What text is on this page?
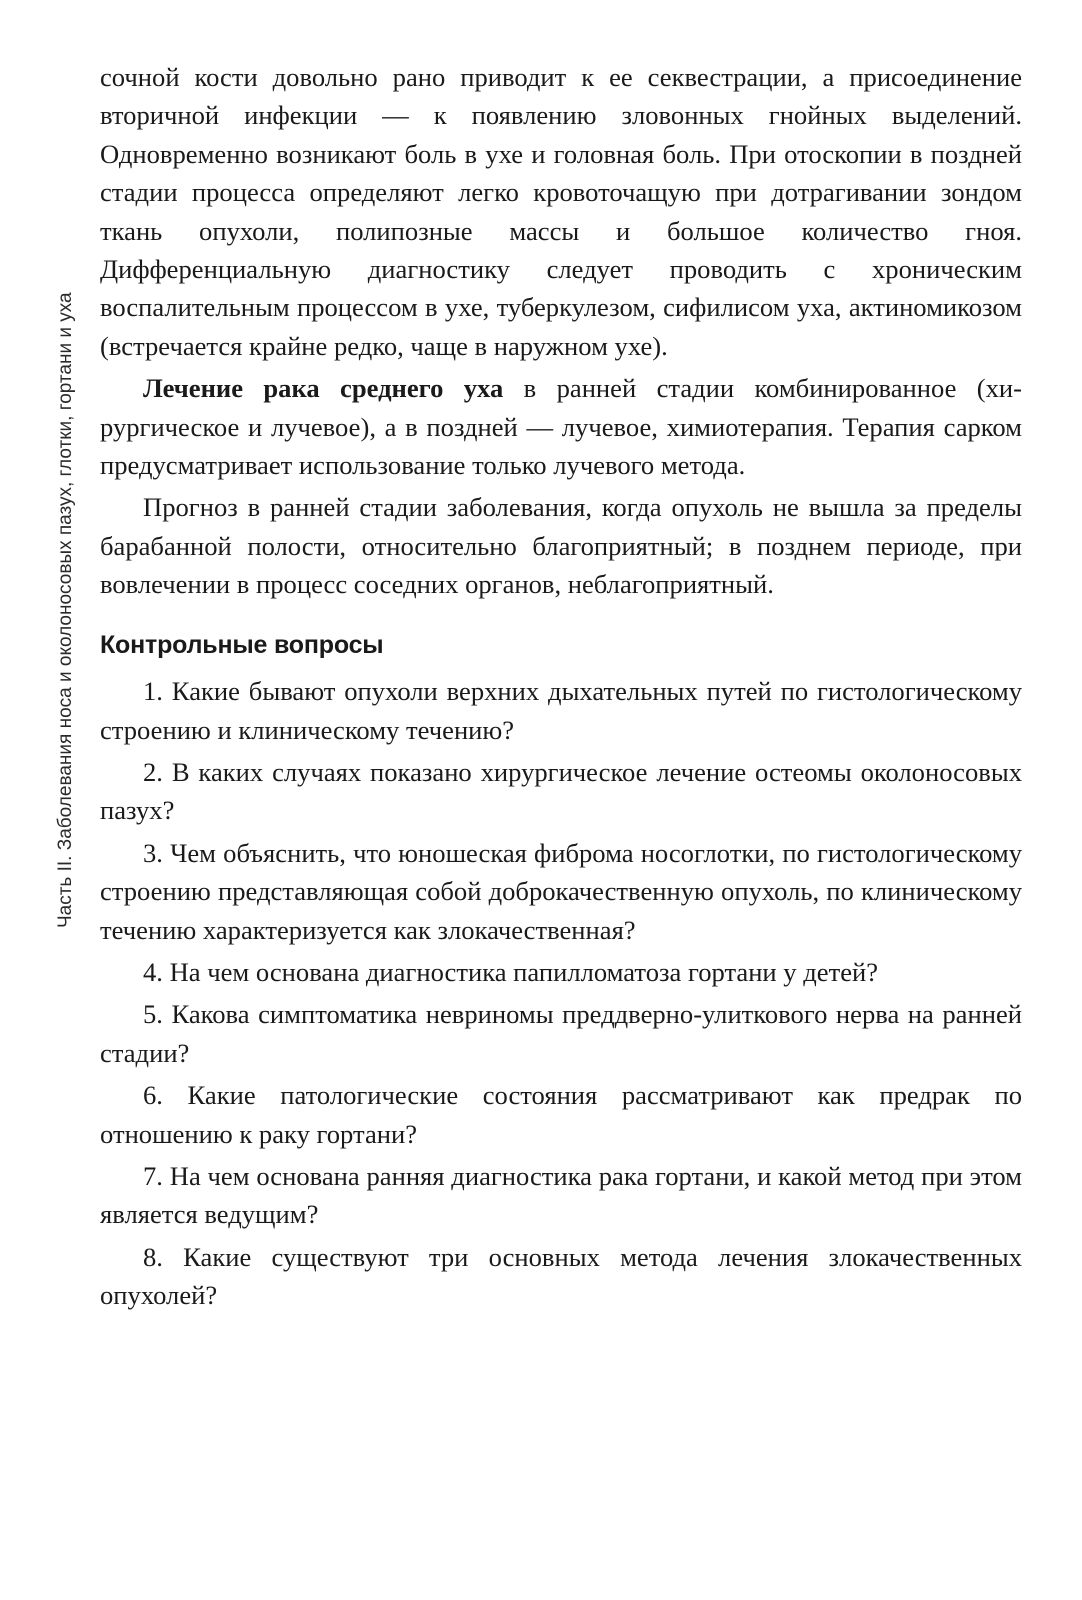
Часть II. Заболевания носа и околоносовых пазух, глотки, гортани и уха

сочной кости довольно рано приводит к ее секвестрации, а присоединение вторичной инфекции — к появлению зловонных гнойных выделений. Одновременно возникают боль в ухе и головная боль. При отоскопии в поздней стадии процесса определяют легко кровоточащую при дотрагивании зондом ткань опухоли, полипозные массы и большое количество гноя. Дифференциальную диагностику следует проводить с хроническим воспалительным процессом в ухе, туберкулезом, сифилисом уха, актиномикозом (встречается крайне редко, чаще в наружном ухе).

Лечение рака среднего уха в ранней стадии комбинированное (хирургическое и лучевое), а в поздней — лучевое, химиотерапия. Терапия сарком предусматривает использование только лучевого метода.

Прогноз в ранней стадии заболевания, когда опухоль не вышла за пределы барабанной полости, относительно благоприятный; в позднем периоде, при вовлечении в процесс соседних органов, неблагоприятный.

Контрольные вопросы

1. Какие бывают опухоли верхних дыхательных путей по гистологическому строению и клиническому течению?

2. В каких случаях показано хирургическое лечение остеомы околоносовых пазух?

3. Чем объяснить, что юношеская фиброма носоглотки, по гистологическому строению представляющая собой доброкачественную опухоль, по клиническому течению характеризуется как злокачественная?

4. На чем основана диагностика папилломатоза гортани у детей?

5. Какова симптоматика невриномы преддверно-улиткового нерва на ранней стадии?

6. Какие патологические состояния рассматривают как предрак по отношению к раку гортани?

7. На чем основана ранняя диагностика рака гортани, и какой метод при этом является ведущим?

8. Какие существуют три основных метода лечения злокачественных опухолей?
